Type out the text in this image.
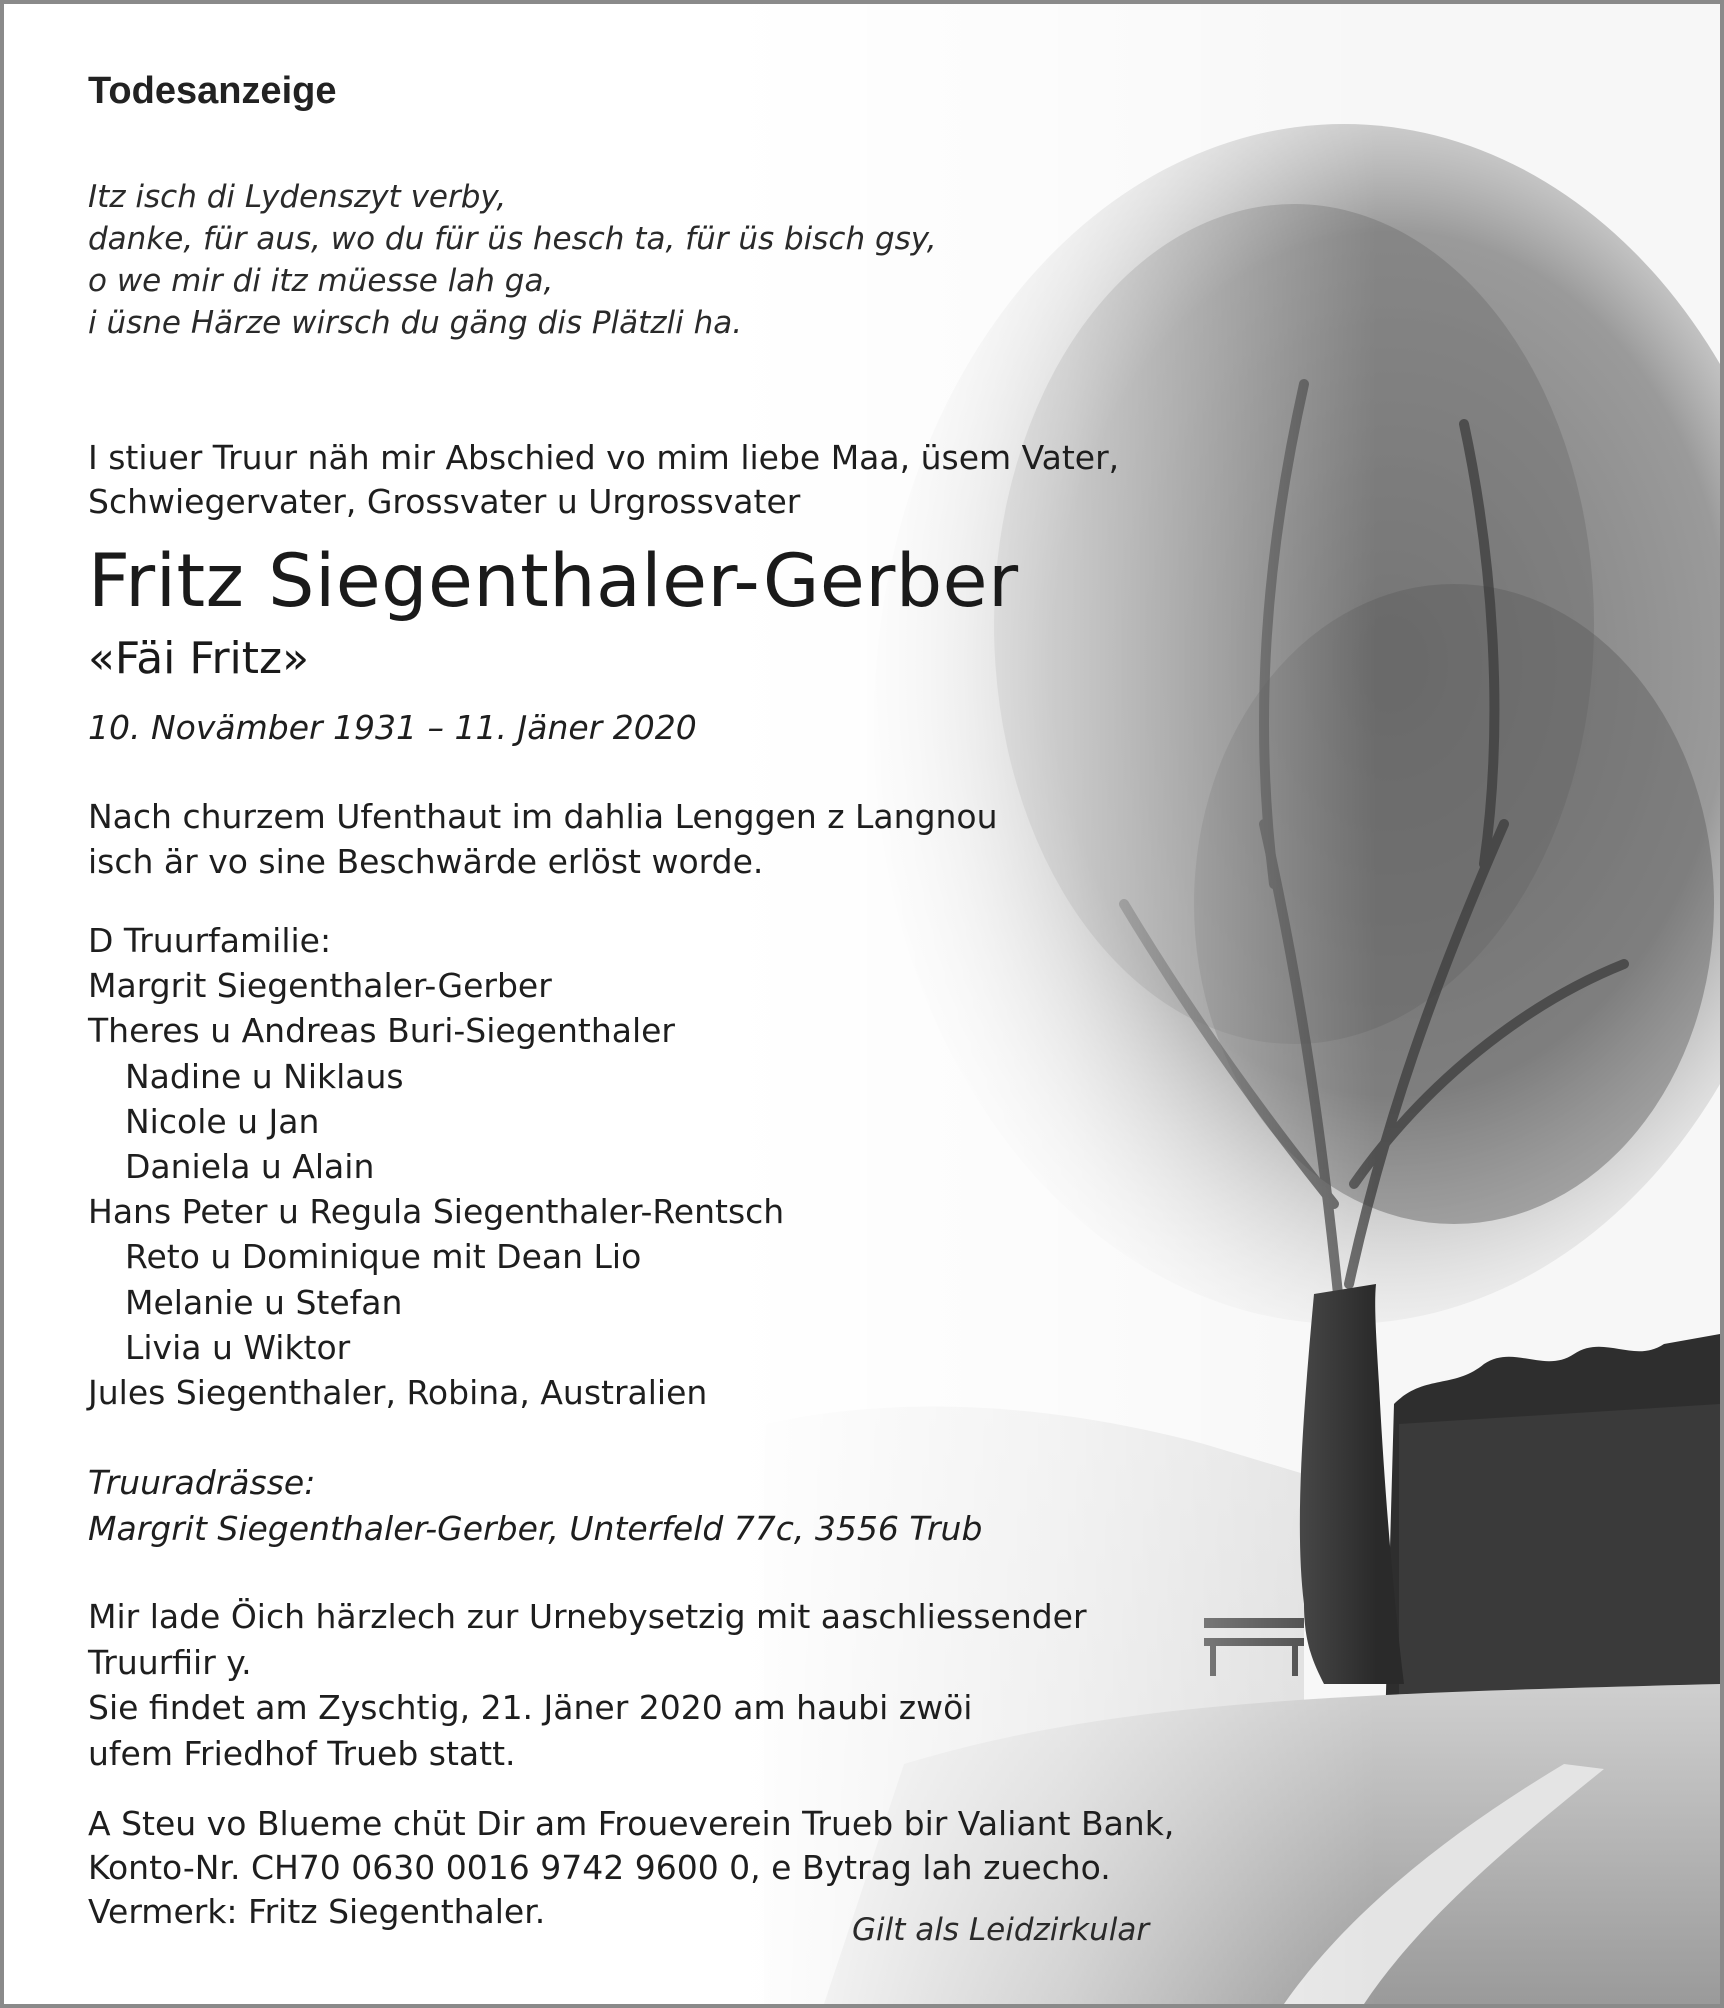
Todesanzeige
Itz isch di Lydenszyt verby,
danke, für aus, wo du für üs hesch ta, für üs bisch gsy,
o we mir di itz müesse lah ga,
i üsne Härze wirsch du gäng dis Plätzli ha.
I stiuer Truur näh mir Abschied vo mim liebe Maa, üsem Vater,
Schwiegervater, Grossvater u Urgrossvater
Fritz Siegenthaler-Gerber
«Fäi Fritz»
10. Novämber 1931 – 11. Jäner 2020
Nach churzem Ufenthaut im dahlia Lenggen z Langnou
isch är vo sine Beschwärde erlöst worde.
D Truurfamilie:
Margrit Siegenthaler-Gerber
Theres u Andreas Buri-Siegenthaler
Nadine u Niklaus
Nicole u Jan
Daniela u Alain
Hans Peter u Regula Siegenthaler-Rentsch
Reto u Dominique mit Dean Lio
Melanie u Stefan
Livia u Wiktor
Jules Siegenthaler, Robina, Australien
Truuradrässe:
Margrit Siegenthaler-Gerber, Unterfeld 77c, 3556 Trub
Mir lade Öich härzlech zur Urnebysetzig mit aaschliessender
Truurfiir y.
Sie findet am Zyschtig, 21. Jäner 2020 am haubi zwöi
ufem Friedhof Trueb statt.
A Steu vo Blueme chüt Dir am Froueverein Trueb bir Valiant Bank,
Konto-Nr. CH70 0630 0016 9742 9600 0, e Bytrag lah zuecho.
Vermerk: Fritz Siegenthaler.	Gilt als Leidzirkular
